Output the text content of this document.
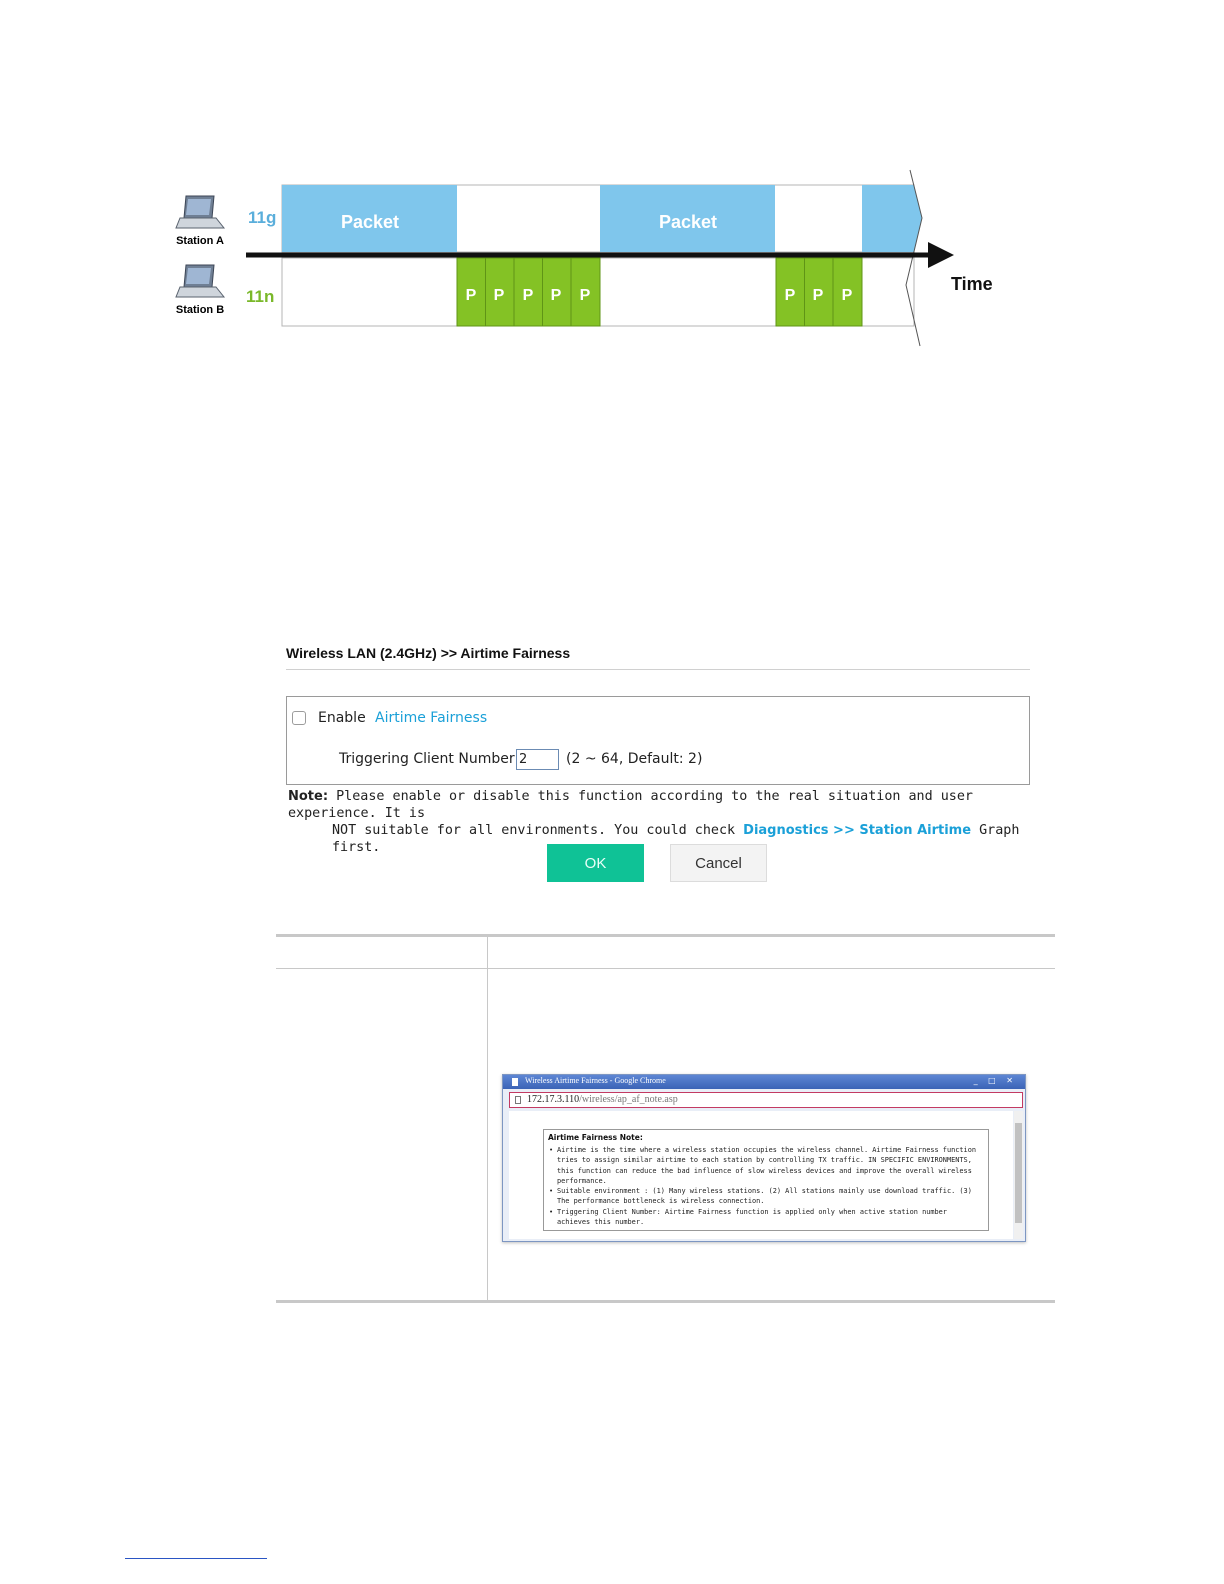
Station A
Station B
11g
11n
Packet	Packet
P P P P P	P P P
Time
Wireless LAN (2.4GHz) >> Airtime Fairness
Enable Airtime Fairness
Triggering Client Number
2	(2 ~ 64, Default: 2)
Note: Please enable or disable this function according to the real situation and user experience. It is
NOT suitable for all environments. You could check Diagnostics >> Station Airtime Graph first.
OK	Cancel
Wireless Airtime Fairness - Google Chrome	_ □ ✕
172.17.3.110/wireless/ap_af_note.asp
Airtime Fairness Note:
• Airtime is the time where a wireless station occupies the wireless channel. Airtime Fairness function tries to assign similar airtime to each station by controlling TX traffic. IN SPECIFIC ENVIRONMENTS, this function can reduce the bad influence of slow wireless devices and improve the overall wireless performance.
• Suitable environment : (1) Many wireless stations. (2) All stations mainly use download traffic. (3) The performance bottleneck is wireless connection.
• Triggering Client Number: Airtime Fairness function is applied only when active station number achieves this number.
